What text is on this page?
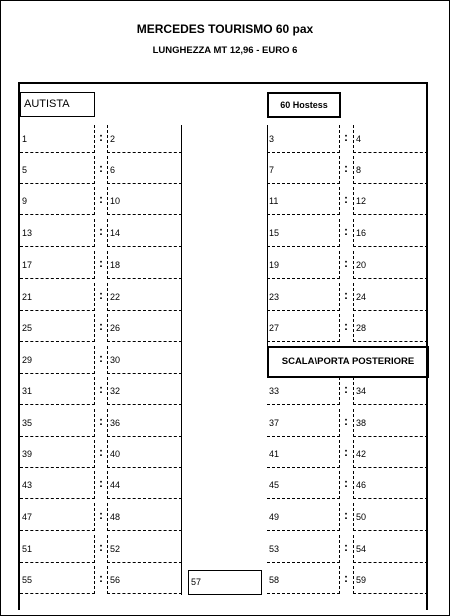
MERCEDES TOURISMO 60 pax
LUNGHEZZA MT 12,96 - EURO 6
AUTISTA	60 Hostess
1	: 2
5	: 6
9	: 10
13	: 14
17	: 18
21	: 22
25	: 26
29	: 30
31	: 32
35	: 36
39	: 40
43	: 44
47	: 48
51	: 52
55	: 56
3	: 4
7	: 8
11	: 12
15	: 16
19	: 20
23	: 24
27	: 28
33	: 34
37	: 38
41	: 42
45	: 46
49	: 50
53	: 54
58	: 59
57
SCALA\PORTA POSTERIORE
